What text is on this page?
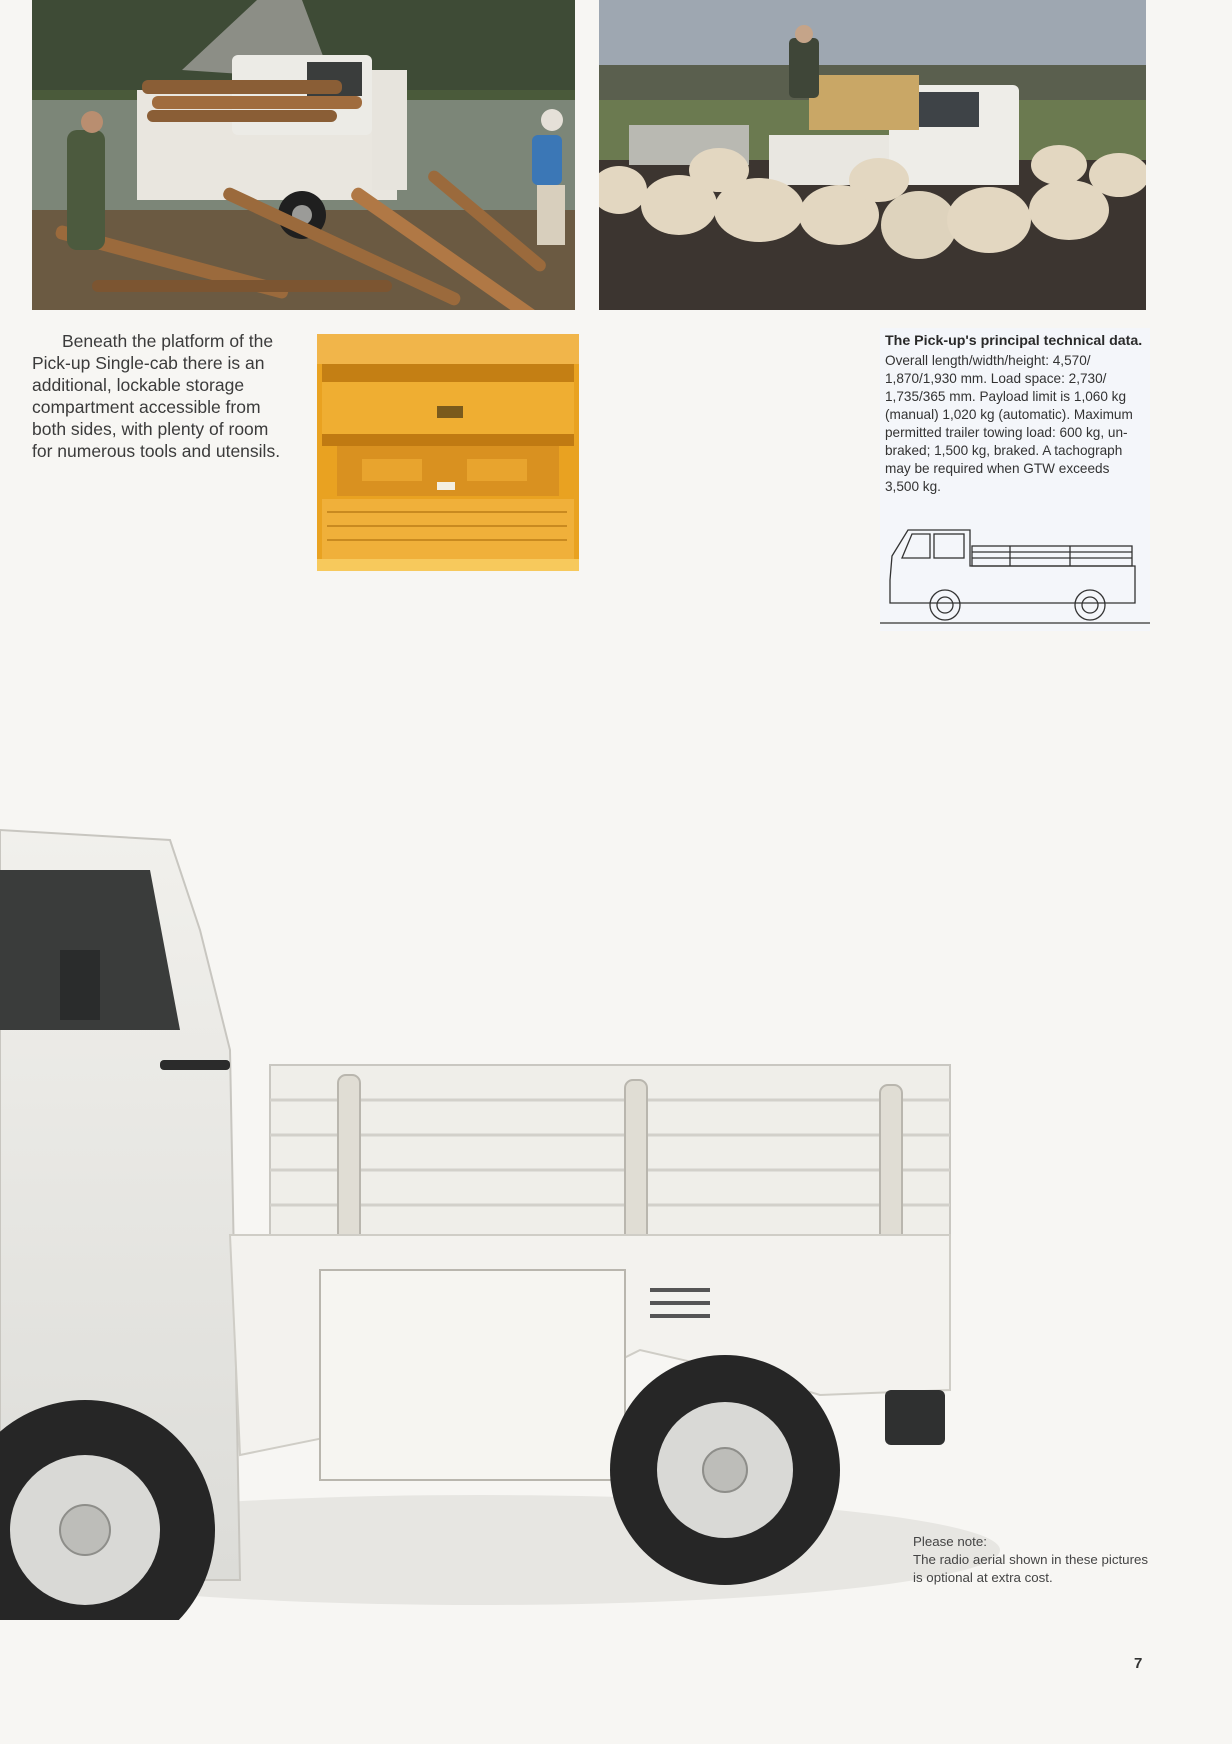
Beneath the platform of the
Pick-up Single-cab there is an
additional, lockable storage
compartment accessible from
both sides, with plenty of room
for numerous tools and utensils.
The Pick-up's principal technical data.
Overall length/width/height: 4,570/
1,870/1,930 mm. Load space: 2,730/
1,735/365 mm. Payload limit is 1,060 kg
(manual) 1,020 kg (automatic). Maximum
permitted trailer towing load: 600 kg, un-
braked; 1,500 kg, braked. A tachograph
may be required when GTW exceeds
3,500 kg.
Please note:
The radio aerial shown in these pictures
is optional at extra cost.
7
